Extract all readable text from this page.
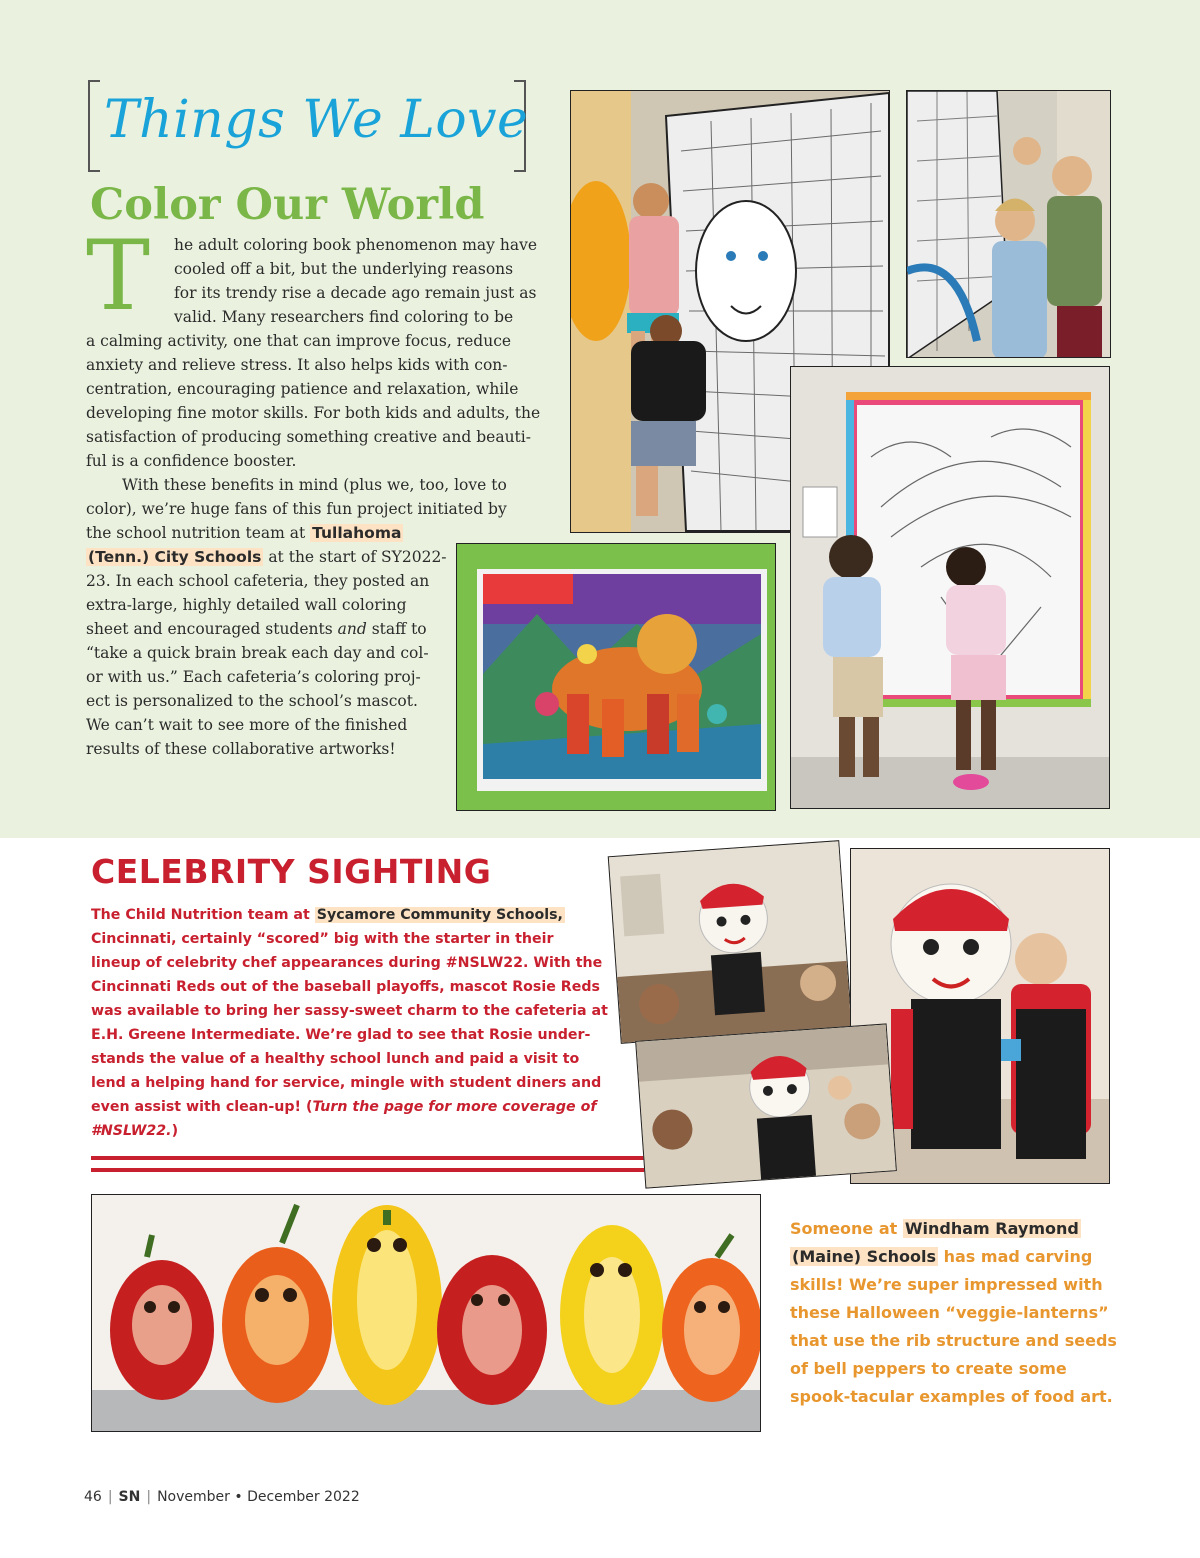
Things We Love
Color Our World
T he adult coloring book phenomenon may have
cooled off a bit, but the underlying reasons
for its trendy rise a decade ago remain just as
valid. Many researchers find coloring to be
a calming activity, one that can improve focus, reduce
anxiety and relieve stress. It also helps kids with con-
centration, encouraging patience and relaxation, while
developing fine motor skills. For both kids and adults, the
satisfaction of producing something creative and beauti-
ful is a confidence booster.
With these benefits in mind (plus we, too, love to
color), we’re huge fans of this fun project initiated by
the school nutrition team at Tullahoma
(Tenn.) City Schools at the start of SY2022-
23. In each school cafeteria, they posted an
extra-large, highly detailed wall coloring
sheet and encouraged students and staff to
“take a quick brain break each day and col-
or with us.” Each cafeteria’s coloring proj-
ect is personalized to the school’s mascot.
We can’t wait to see more of the finished
results of these collaborative artworks!
CELEBRITY SIGHTING
The Child Nutrition team at Sycamore Community Schools,
Cincinnati, certainly “scored” big with the starter in their
lineup of celebrity chef appearances during #NSLW22. With the
Cincinnati Reds out of the baseball playoffs, mascot Rosie Reds
was available to bring her sassy-sweet charm to the cafeteria at
E.H. Greene Intermediate. We’re glad to see that Rosie under-
stands the value of a healthy school lunch and paid a visit to
lend a helping hand for service, mingle with student diners and
even assist with clean-up! (Turn the page for more coverage of
#NSLW22.)
Someone at Windham Raymond
(Maine) Schools has mad carving
skills! We’re super impressed with
these Halloween “veggie-lanterns”
that use the rib structure and seeds
of bell peppers to create some
spook-tacular examples of food art.
46 | SN | November • December 2022
